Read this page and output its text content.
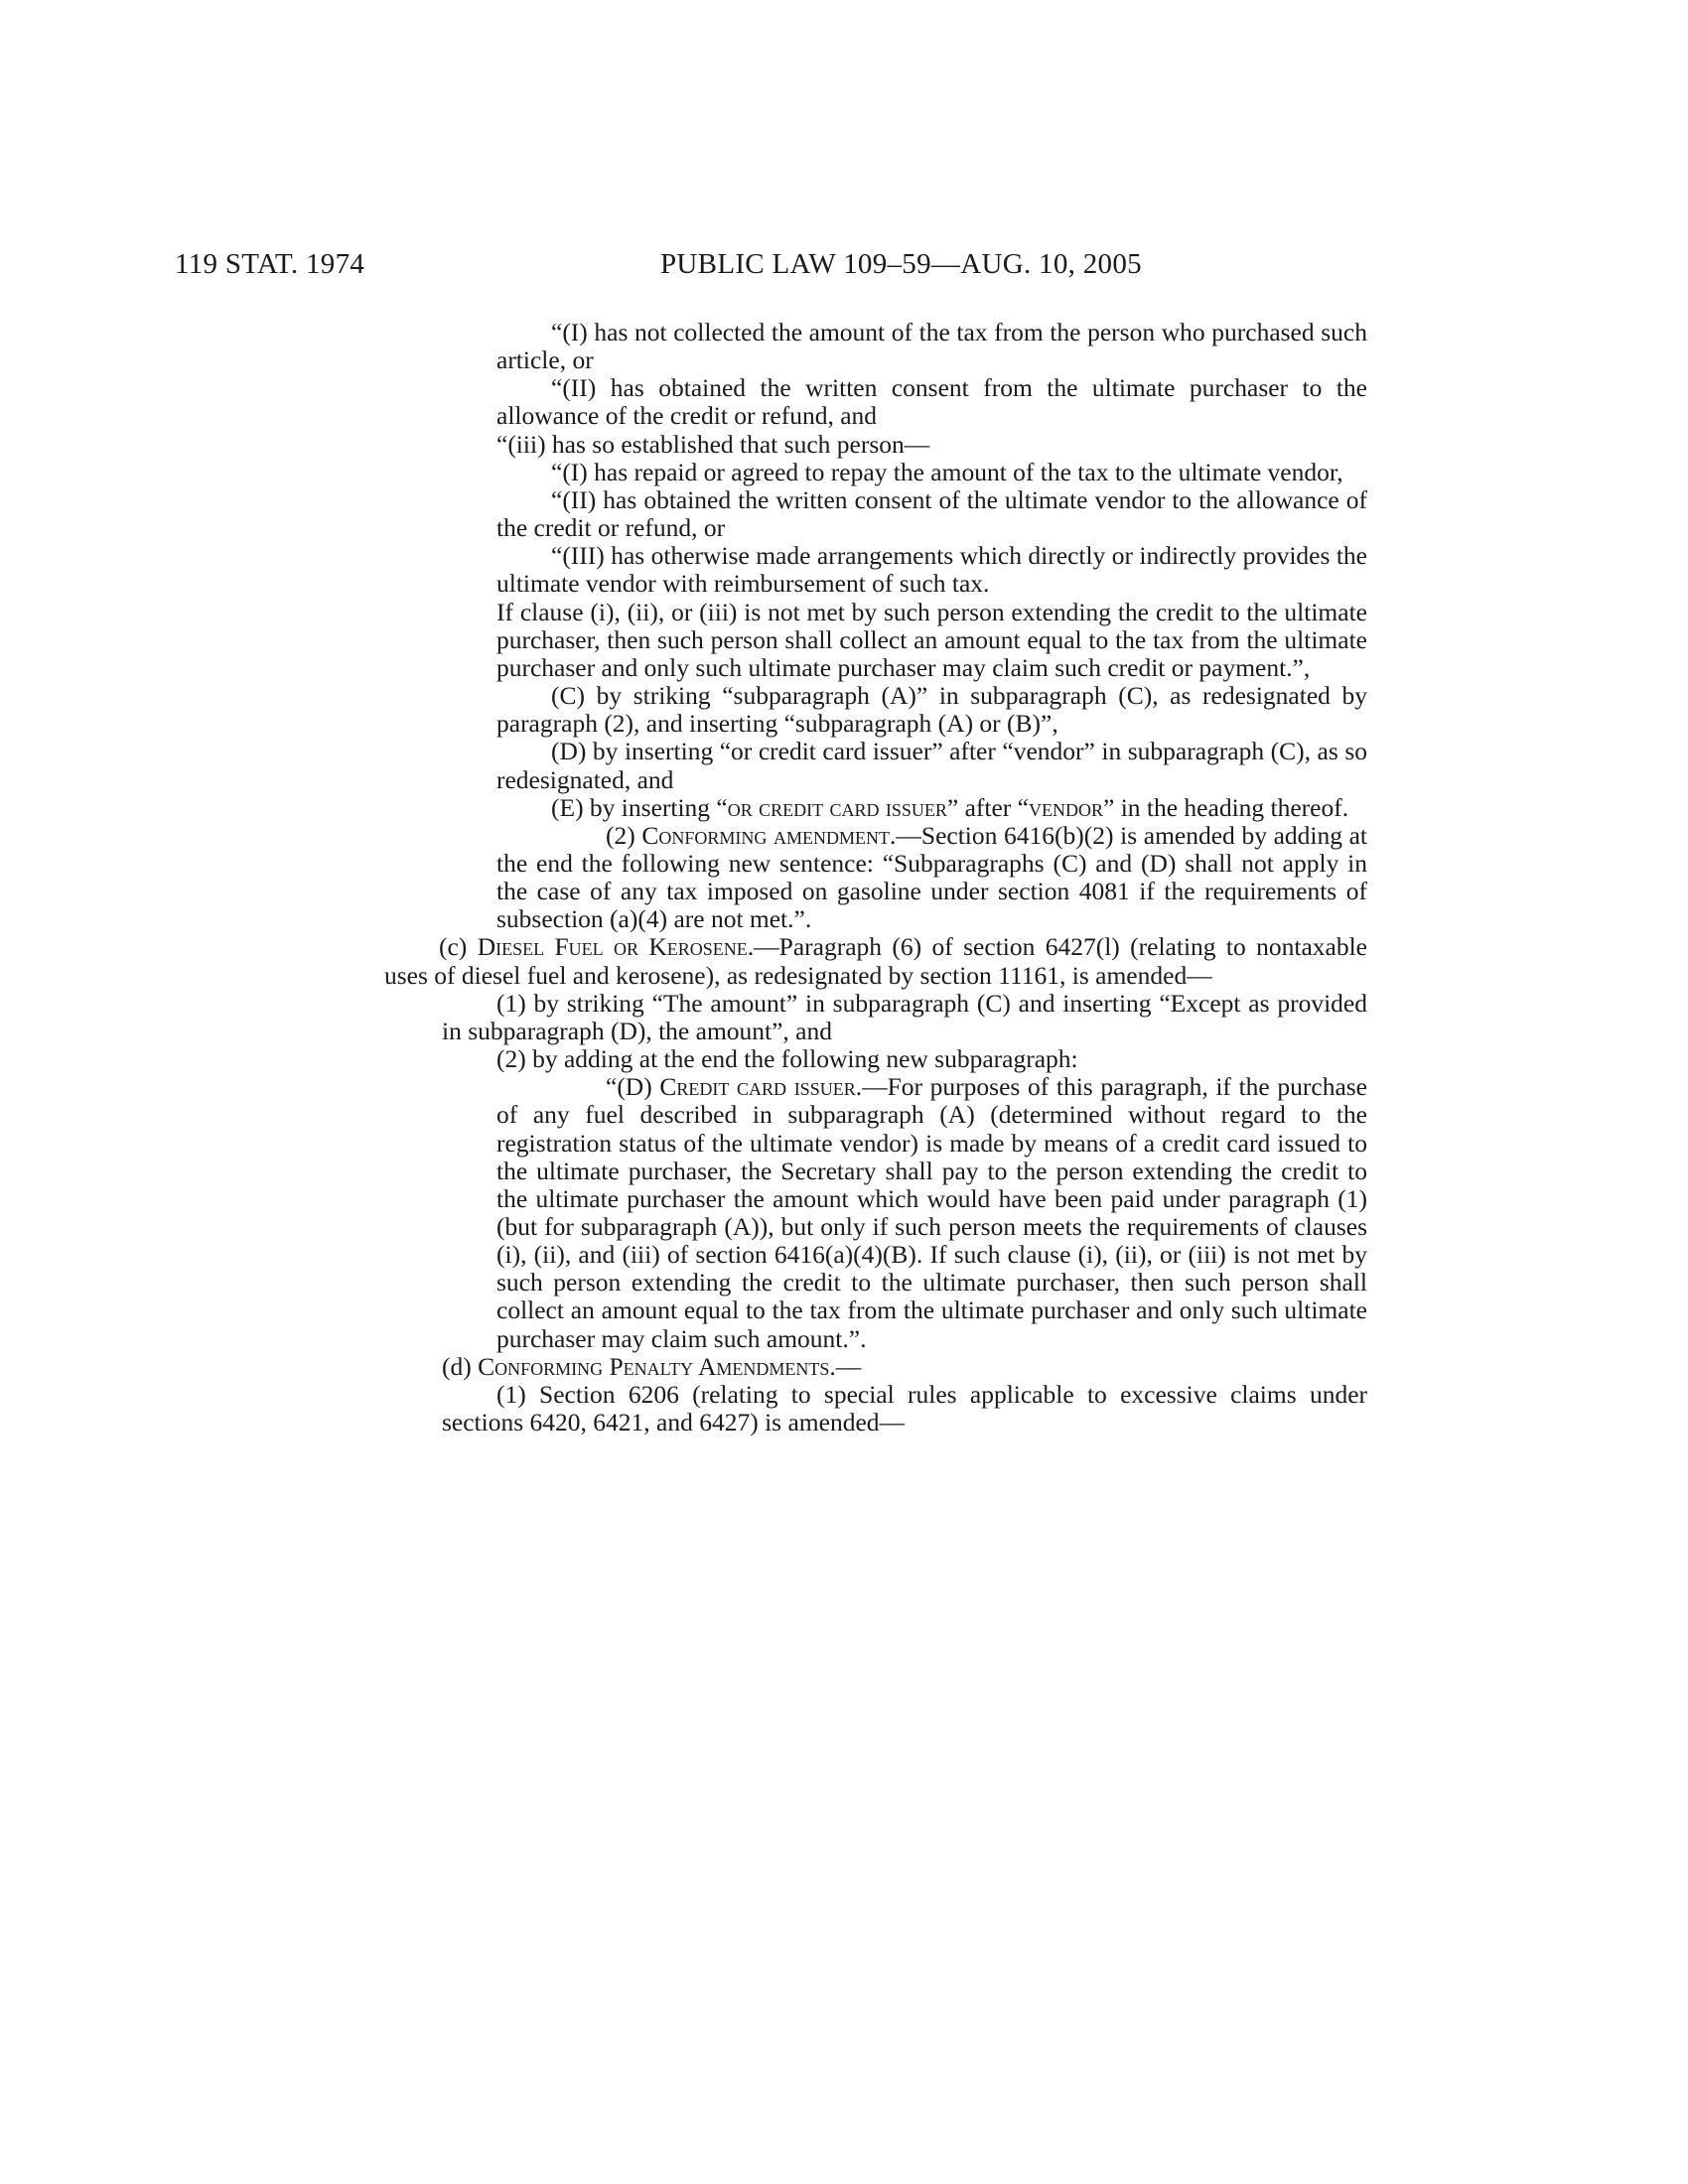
119 STAT. 1974	PUBLIC LAW 109–59—AUG. 10, 2005

“(I) has not collected the amount of the tax from the person who purchased such article, or

“(II) has obtained the written consent from the ultimate purchaser to the allowance of the credit or refund, and

“(iii) has so established that such person—

“(I) has repaid or agreed to repay the amount of the tax to the ultimate vendor,

“(II) has obtained the written consent of the ultimate vendor to the allowance of the credit or refund, or

“(III) has otherwise made arrangements which directly or indirectly provides the ultimate vendor with reimbursement of such tax.

If clause (i), (ii), or (iii) is not met by such person extending the credit to the ultimate purchaser, then such person shall collect an amount equal to the tax from the ultimate purchaser and only such ultimate purchaser may claim such credit or payment.”,

(C) by striking “subparagraph (A)” in subparagraph (C), as redesignated by paragraph (2), and inserting “subparagraph (A) or (B)”,

(D) by inserting “or credit card issuer” after “vendor” in subparagraph (C), as so redesignated, and

(E) by inserting “or credit card issuer” after “vendor” in the heading thereof.

(2) Conforming amendment.—Section 6416(b)(2) is amended by adding at the end the following new sentence: “Subparagraphs (C) and (D) shall not apply in the case of any tax imposed on gasoline under section 4081 if the requirements of subsection (a)(4) are not met.”.

(c) Diesel Fuel or Kerosene.—Paragraph (6) of section 6427(l) (relating to nontaxable uses of diesel fuel and kerosene), as redesignated by section 11161, is amended—

(1) by striking “The amount” in subparagraph (C) and inserting “Except as provided in subparagraph (D), the amount”, and

(2) by adding at the end the following new subparagraph:

“(D) Credit card issuer.—For purposes of this paragraph, if the purchase of any fuel described in subparagraph (A) (determined without regard to the registration status of the ultimate vendor) is made by means of a credit card issued to the ultimate purchaser, the Secretary shall pay to the person extending the credit to the ultimate purchaser the amount which would have been paid under paragraph (1) (but for subparagraph (A)), but only if such person meets the requirements of clauses (i), (ii), and (iii) of section 6416(a)(4)(B). If such clause (i), (ii), or (iii) is not met by such person extending the credit to the ultimate purchaser, then such person shall collect an amount equal to the tax from the ultimate purchaser and only such ultimate purchaser may claim such amount.”.

(d) Conforming Penalty Amendments.—

(1) Section 6206 (relating to special rules applicable to excessive claims under sections 6420, 6421, and 6427) is amended—
